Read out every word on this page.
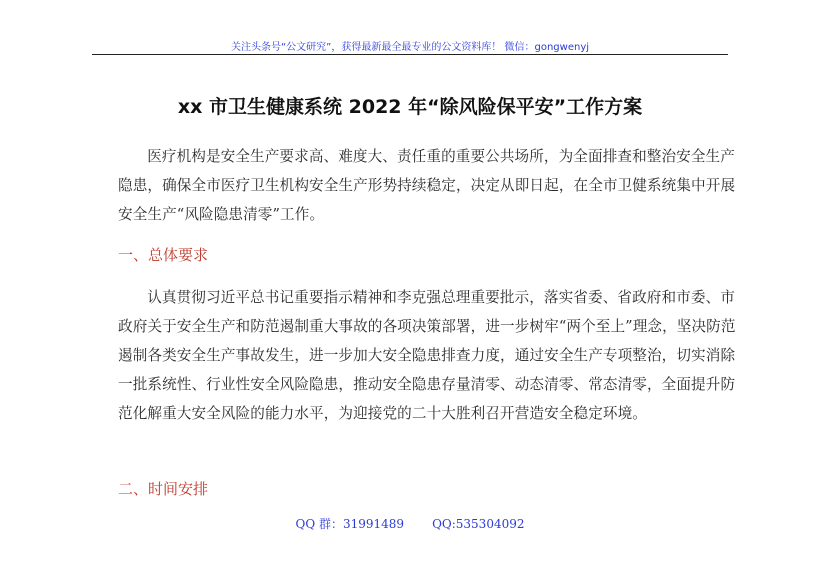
关注头条号“公文研究”，获得最新最全最专业的公文资料库！ 微信：gongwenyj
xx 市卫生健康系统 2022 年“除风险保平安”工作方案
医疗机构是安全生产要求高、难度大、责任重的重要公共场所，为全面排查和整治安全生产隐患，确保全市医疗卫生机构安全生产形势持续稳定，决定从即日起，在全市卫健系统集中开展安全生产“风险隐患清零”工作。
一、总体要求
认真贯彻习近平总书记重要指示精神和李克强总理重要批示，落实省委、省政府和市委、市政府关于安全生产和防范遏制重大事故的各项决策部署，进一步树牢“两个至上”理念，坚决防范遏制各类安全生产事故发生，进一步加大安全隐患排查力度，通过安全生产专项整治，切实消除一批系统性、行业性安全风险隐患，推动安全隐患存量清零、动态清零、常态清零，全面提升防范化解重大安全风险的能力水平，为迎接党的二十大胜利召开营造安全稳定环境。
二、时间安排
QQ 群：31991489 QQ:535304092
